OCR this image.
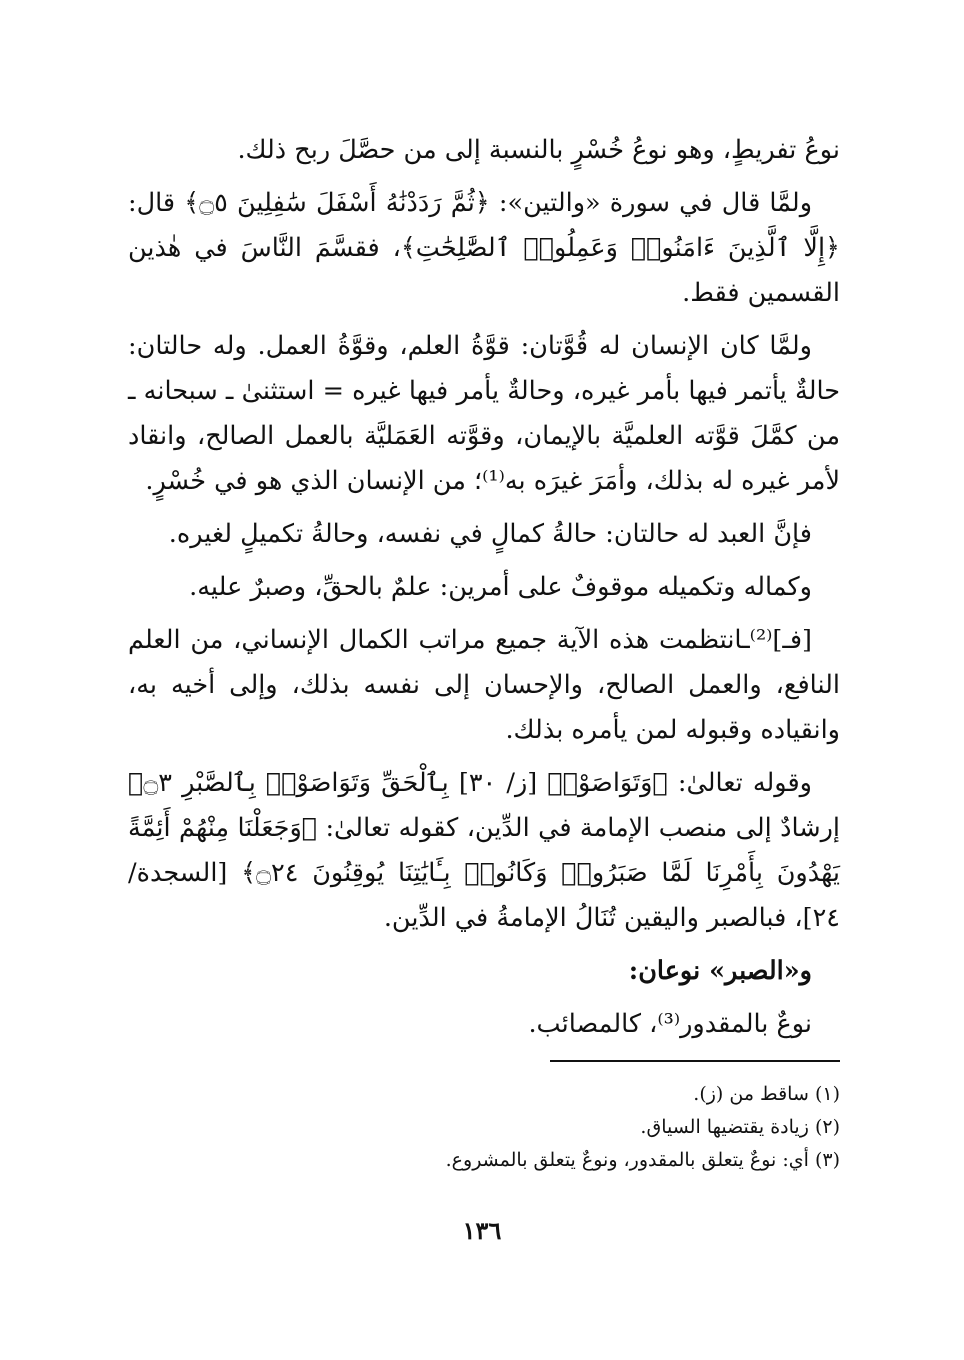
نوعُ تفريطٍ، وهو نوعُ خُسْرٍ بالنسبة إلى من حصَّلَ ربح ذلك.

ولمَّا قال في سورة «والتين»: ﴿ثُمَّ رَدَدْنَٰهُ أَسْفَلَ سَٰفِلِينَ ۝٥﴾ قال: ﴿إِلَّا ٱلَّذِينَ ءَامَنُوا۟ وَعَمِلُوا۟ ٱلصَّٰلِحَٰتِ﴾، فقسَّمَ النَّاسَ في هٰذين القسمين فقط.

ولمَّا كان الإنسان له قُوَّتان: قوَّةُ العلم، وقوَّةُ العمل. وله حالتان: حالةٌ يأتمر فيها بأمر غيره، وحالةٌ يأمر فيها غيره = استثنىٰ ـ سبحانه ـ من كمَّلَ قوَّته العلميَّة بالإيمان، وقوَّته العَمَليَّة بالعمل الصالح، وانقاد لأمر غيره له بذلك، وأمَرَ غيرَه به⁽¹⁾؛ من الإنسان الذي هو في خُسْرٍ.

فإنَّ العبد له حالتان: حالةُ كمالٍ في نفسه، وحالةُ تكميلٍ لغيره.

وكماله وتكميله موقوفٌ على أمرين: علمٌ بالحقِّ، وصبرٌ عليه.

[فـ]⁽²⁾ـانتظمت هذه الآية جميع مراتب الكمال الإنساني، من العلم النافع، والعمل الصالح، والإحسان إلى نفسه بذلك، وإلى أخيه به، وانقياده وقبوله لمن يأمره بذلك.

وقوله تعالىٰ: ﴿وَتَوَاصَوْا۟ [ز/ ٣٠] بِٱلْحَقِّ وَتَوَاصَوْا۟ بِٱلصَّبْرِ ۝٣﴾ إرشادٌ إلى منصب الإمامة في الدِّين، كقوله تعالىٰ: ﴿وَجَعَلْنَا مِنْهُمْ أَئِمَّةً يَهْدُونَ بِأَمْرِنَا لَمَّا صَبَرُوا۟ وَكَانُوا۟ بِـَٔايَٰتِنَا يُوقِنُونَ ۝٢٤﴾ [السجدة/ ٢٤]، فبالصبر واليقين تُنَالُ الإمامةُ في الدِّين.

و«الصبر» نوعان:

نوعٌ بالمقدور⁽³⁾، كالمصائب.

(١) ساقط من (ز).
(٢) زيادة يقتضيها السياق.
(٣) أي: نوعٌ يتعلق بالمقدور، ونوعٌ يتعلق بالمشروع.
١٣٦
